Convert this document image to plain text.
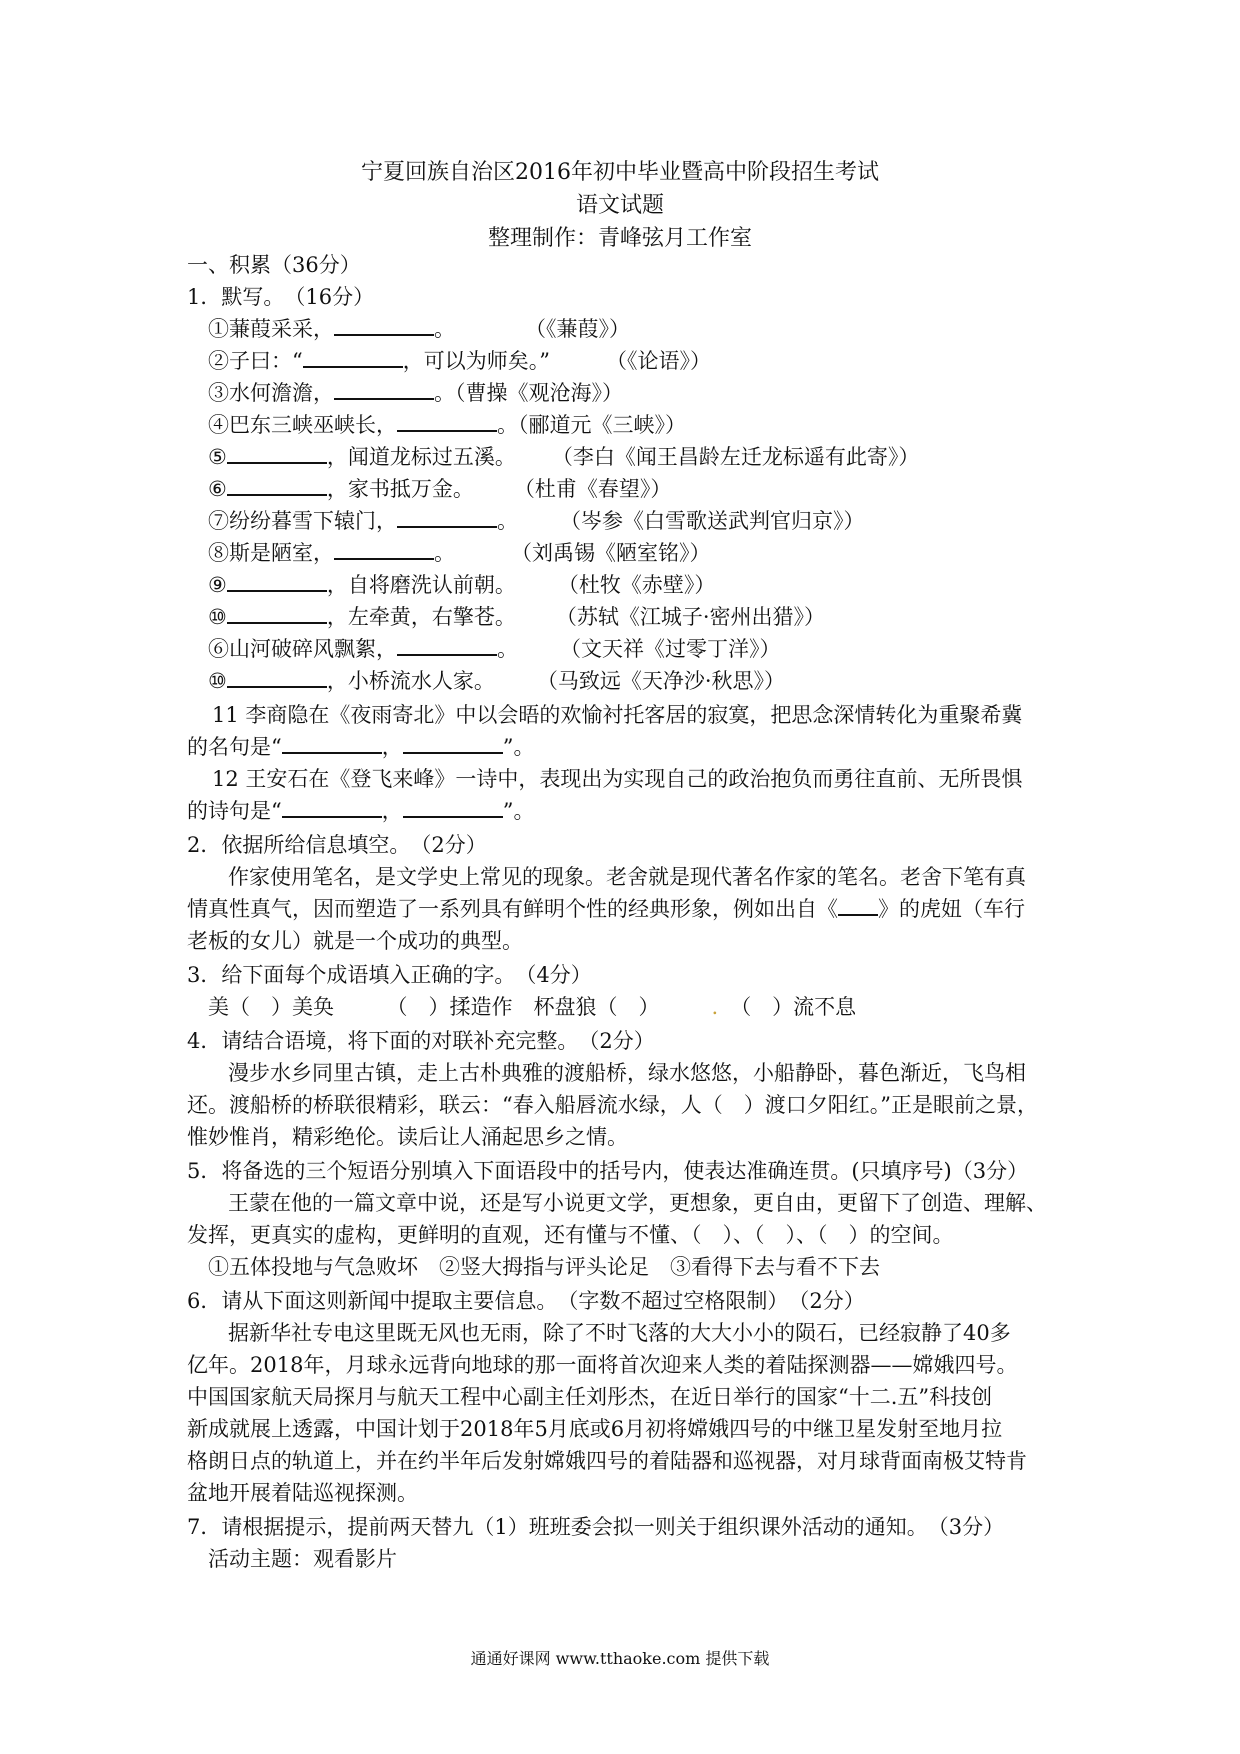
宁夏回族自治区2016年初中毕业暨高中阶段招生考试
语文试题
整理制作：青峰弦月工作室
一、积累（36分）
1．默写。　（16分）
①蒹葭采采，	。	（《蒹葭》）
②子曰：“	，可以为师矣。”	（《论语》）
③水何澹澹，	。（曹操《观沧海》）
④巴东三峡巫峡长，	。（郦道元《三峡》）
⑤	，闻道龙标过五溪。 （李白《闻王昌龄左迁龙标遥有此寄》）
⑥	，家书抵万金。 （杜甫《春望》）
⑦纷纷暮雪下辕门，	。 （岑参《白雪歌送武判官归京》）
⑧斯是陋室，	。	（刘禹锡《陋室铭》）
⑨	，自将磨洗认前朝。 （杜牧《赤壁》）
⑩	，左牵黄，右擎苍。 （苏轼《江城子·密州出猎》）
⑥山河破碎风飘絮，	。 （文天祥《过零丁洋》）
⑩	，小桥流水人家。 （马致远《天净沙·秋思》）
11 李商隐在《夜雨寄北》中以会晤的欢愉衬托客居的寂寞，把思念深情转化为重聚希冀
的名句是“	，	”。
12 王安石在《登飞来峰》一诗中，表现出为实现自己的政治抱负而勇往直前、无所畏惧
的诗句是“	，	”。
2．依据所给信息填空。　（2分）
作家使用笔名，是文学史上常见的现象。老舍就是现代著名作家的笔名。老舍下笔有真
情真性真气，因而塑造了一系列具有鲜明个性的经典形象，例如出自《 》的虎妞（车行
老板的女儿）就是一个成功的典型。
3．给下面每个成语填入正确的字。　（4分）
美（　）美奂　　　（　）揉造作　杯盘狼（　） . （　）流不息
4．请结合语境，将下面的对联补充完整。　（2分）
漫步水乡同里古镇，走上古朴典雅的渡船桥，绿水悠悠，小船静卧，暮色渐近，飞鸟相
还。渡船桥的桥联很精彩，联云：“春入船唇流水绿，人（　）渡口夕阳红。”正是眼前之景，
惟妙惟肖，精彩绝伦。读后让人涌起思乡之情。
5．将备选的三个短语分别填入下面语段中的括号内，使表达准确连贯。(只填序号)（3分）
王蒙在他的一篇文章中说，还是写小说更文学，更想象，更自由，更留下了创造、理解、
发挥，更真实的虚构，更鲜明的直观，还有懂与不懂、（　）、（　）、（　）的空间。
①五体投地与气急败坏　②竖大拇指与评头论足　③看得下去与看不下去
6．请从下面这则新闻中提取主要信息。　（字数不超过空格限制）　（2分）
据新华社专电这里既无风也无雨，除了不时飞落的大大小小的陨石，已经寂静了40多
亿年。2018年，月球永远背向地球的那一面将首次迎来人类的着陆探测器——嫦娥四号。
中国国家航天局探月与航天工程中心副主任刘彤杰，在近日举行的国家“十二.五”科技创
新成就展上透露，中国计划于2018年5月底或6月初将嫦娥四号的中继卫星发射至地月拉
格朗日点的轨道上，并在约半年后发射嫦娥四号的着陆器和巡视器，对月球背面南极艾特肯
盆地开展着陆巡视探测。
7．请根据提示，提前两天替九（1）班班委会拟一则关于组织课外活动的通知。　（3分）
活动主题：观看影片
通通好课网 www.tthaoke.com 提供下载
